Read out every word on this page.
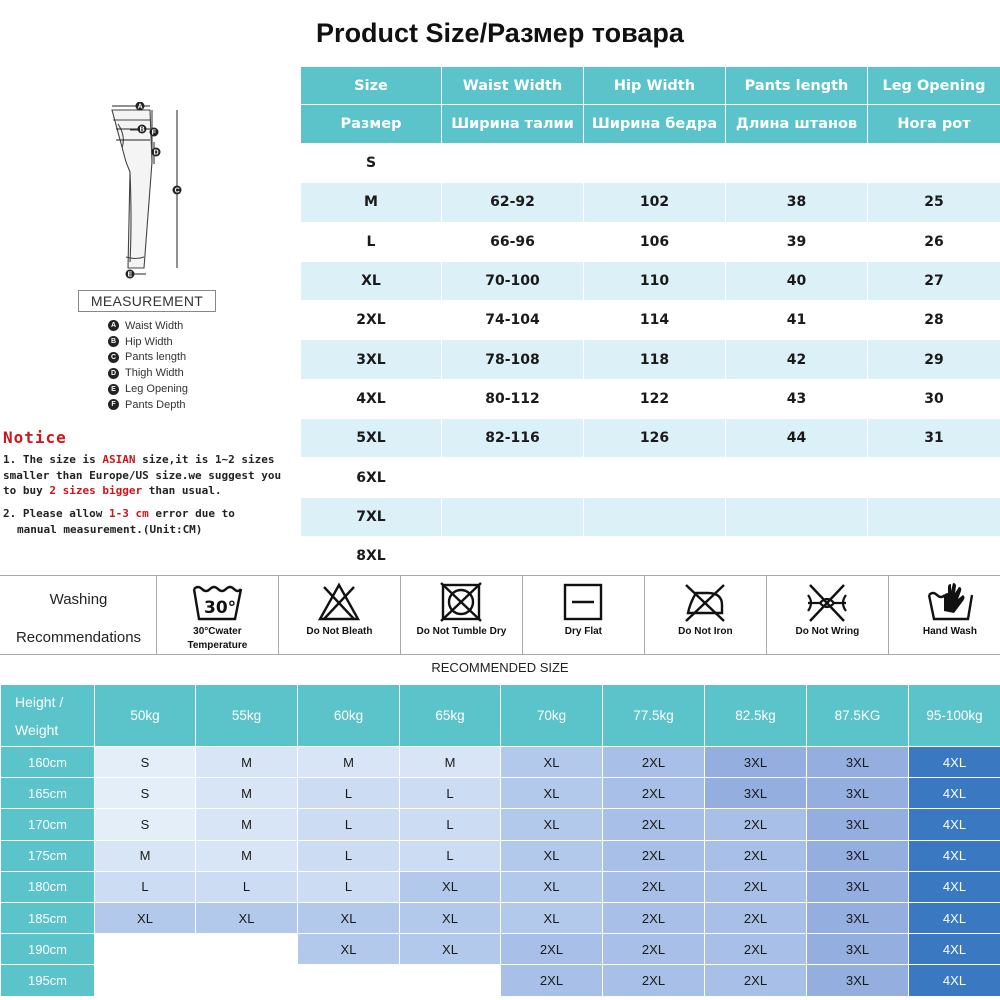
Product Size/Размер товара
A
B F
D
C
E
MEASUREMENT
A Waist Width
B Hip Width
C Pants length
D Thigh Width
E Leg Opening
F Pants Depth
Notice
1. The size is ASIAN size,it is 1~2 sizes smaller than Europe/US size.we suggest you to buy 2 sizes bigger than usual.
2. Please allow 1-3 cm error due to
manual measurement.(Unit:CM)
Size	Waist Width	Hip Width	Pants length	Leg Opening
Размер	Ширина талии	Ширина бедра	Длина штанов	Нога рот
S				
M	62-92	102	38	25
L	66-96	106	39	26
XL	70-100	110	40	27
2XL	74-104	114	41	28
3XL	78-108	118	42	29
4XL	80-112	122	43	30
5XL	82-116	126	44	31
6XL				
7XL				
8XL				
Washing
Recommendations
30°
30°Cwater Temperature
Do Not Bleath	Do Not Tumble Dry	Dry Flat	Do Not Iron	Do Not Wring	Hand Wash
RECOMMENDED SIZE
Height /
Weight	50kg	55kg	60kg	65kg	70kg	77.5kg	82.5kg	87.5KG	95-100kg
160cm	S	M	M	M	XL	2XL	3XL	3XL	4XL
165cm	S	M	L	L	XL	2XL	3XL	3XL	4XL
170cm	S	M	L	L	XL	2XL	2XL	3XL	4XL
175cm	M	M	L	L	XL	2XL	2XL	3XL	4XL
180cm	L	L	L	XL	XL	2XL	2XL	3XL	4XL
185cm	XL	XL	XL	XL	XL	2XL	2XL	3XL	4XL
190cm			XL	XL	2XL	2XL	2XL	3XL	4XL
195cm					2XL	2XL	2XL	3XL	4XL
